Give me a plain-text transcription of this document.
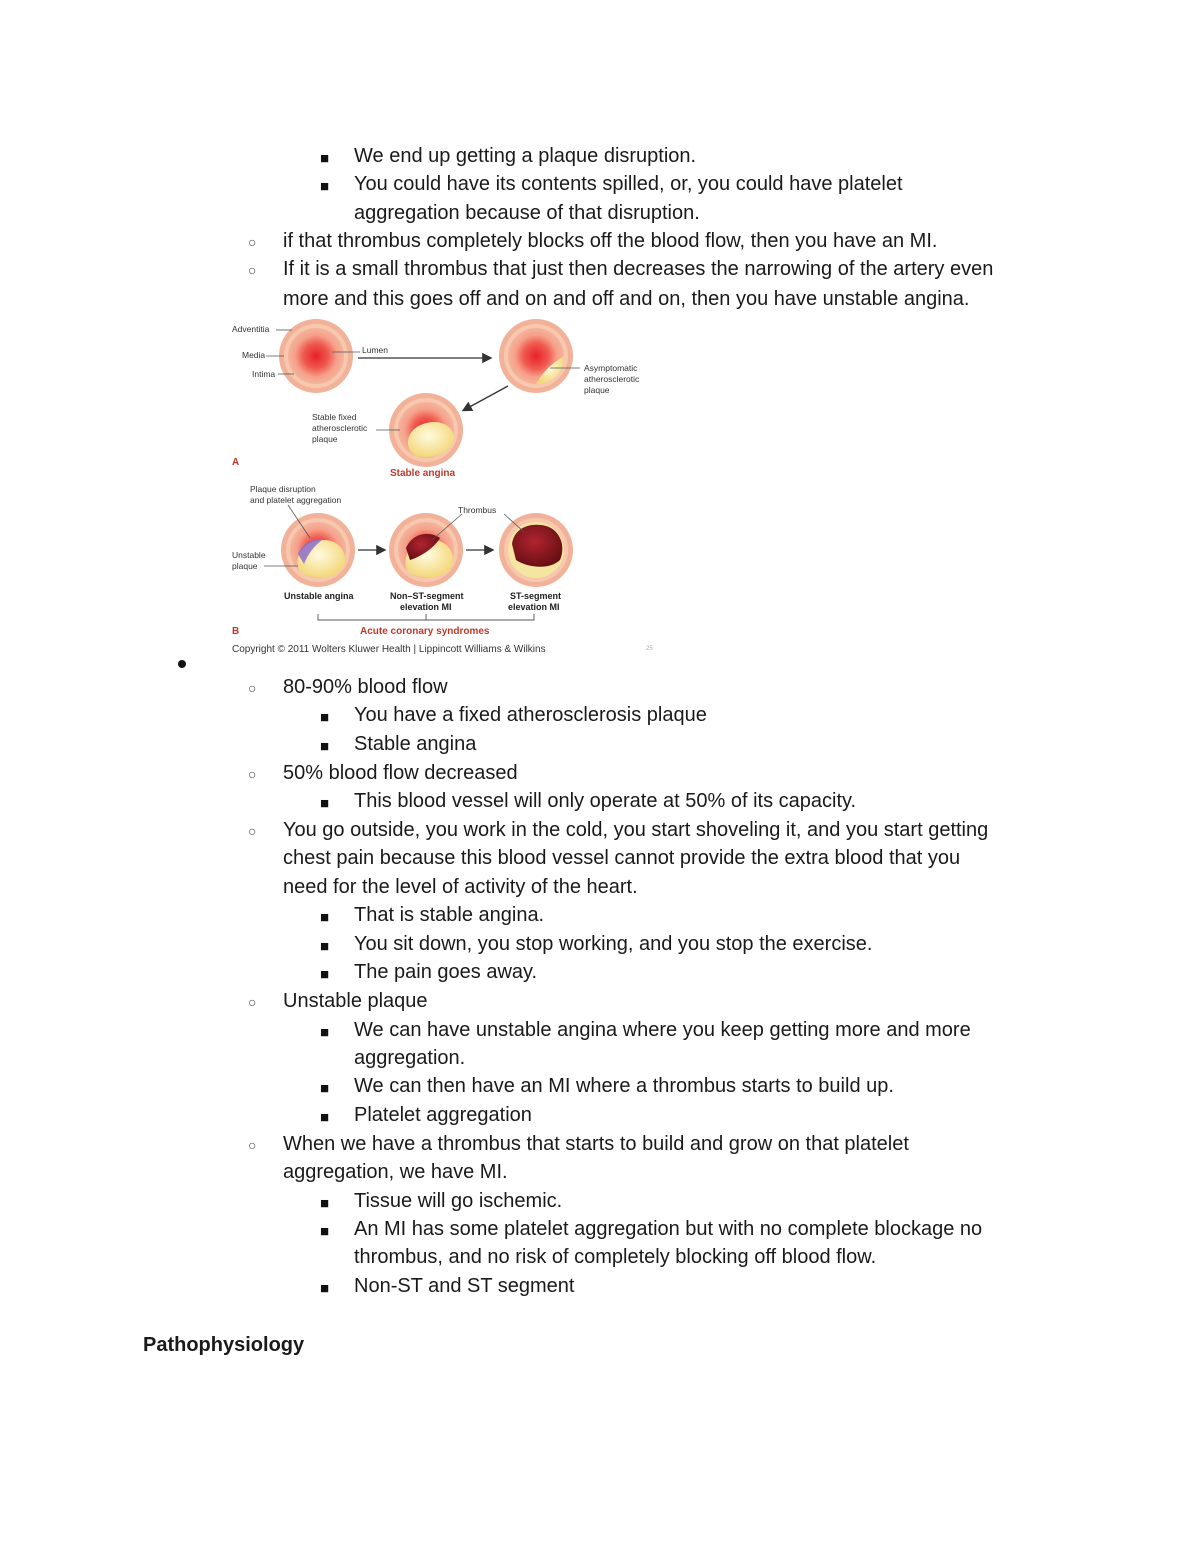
■ We end up getting a plaque disruption.
■ You could have its contents spilled, or, you could have platelet
aggregation because of that disruption.
○ if that thrombus completely blocks off the blood flow, then you have an MI.
○ If it is a small thrombus that just then decreases the narrowing of the artery even
more and this goes off and on and off and on, then you have unstable angina.
Adventitia
Media
Intima
Lumen
Asymptomatic
atherosclerotic
plaque
Stable fixed
atherosclerotic
plaque
A
Stable angina
Plaque disruption
and platelet aggregation
Thrombus
Unstable
plaque
Unstable angina	Non–ST-segment
elevation MI
ST-segment
elevation MI
B	Acute coronary syndromes
Copyright © 2011 Wolters Kluwer Health | Lippincott Williams & Wilkins	25
○ 80-90% blood flow
■ You have a fixed atherosclerosis plaque
■ Stable angina
○ 50% blood flow decreased
■ This blood vessel will only operate at 50% of its capacity.
○ You go outside, you work in the cold, you start shoveling it, and you start getting
chest pain because this blood vessel cannot provide the extra blood that you
need for the level of activity of the heart.
■ That is stable angina.
■ You sit down, you stop working, and you stop the exercise.
■ The pain goes away.
○ Unstable plaque
■ We can have unstable angina where you keep getting more and more
aggregation.
■ We can then have an MI where a thrombus starts to build up.
■ Platelet aggregation
○ When we have a thrombus that starts to build and grow on that platelet
aggregation, we have MI.
■ Tissue will go ischemic.
■ An MI has some platelet aggregation but with no complete blockage no
thrombus, and no risk of completely blocking off blood flow.
■ Non-ST and ST segment
Pathophysiology
